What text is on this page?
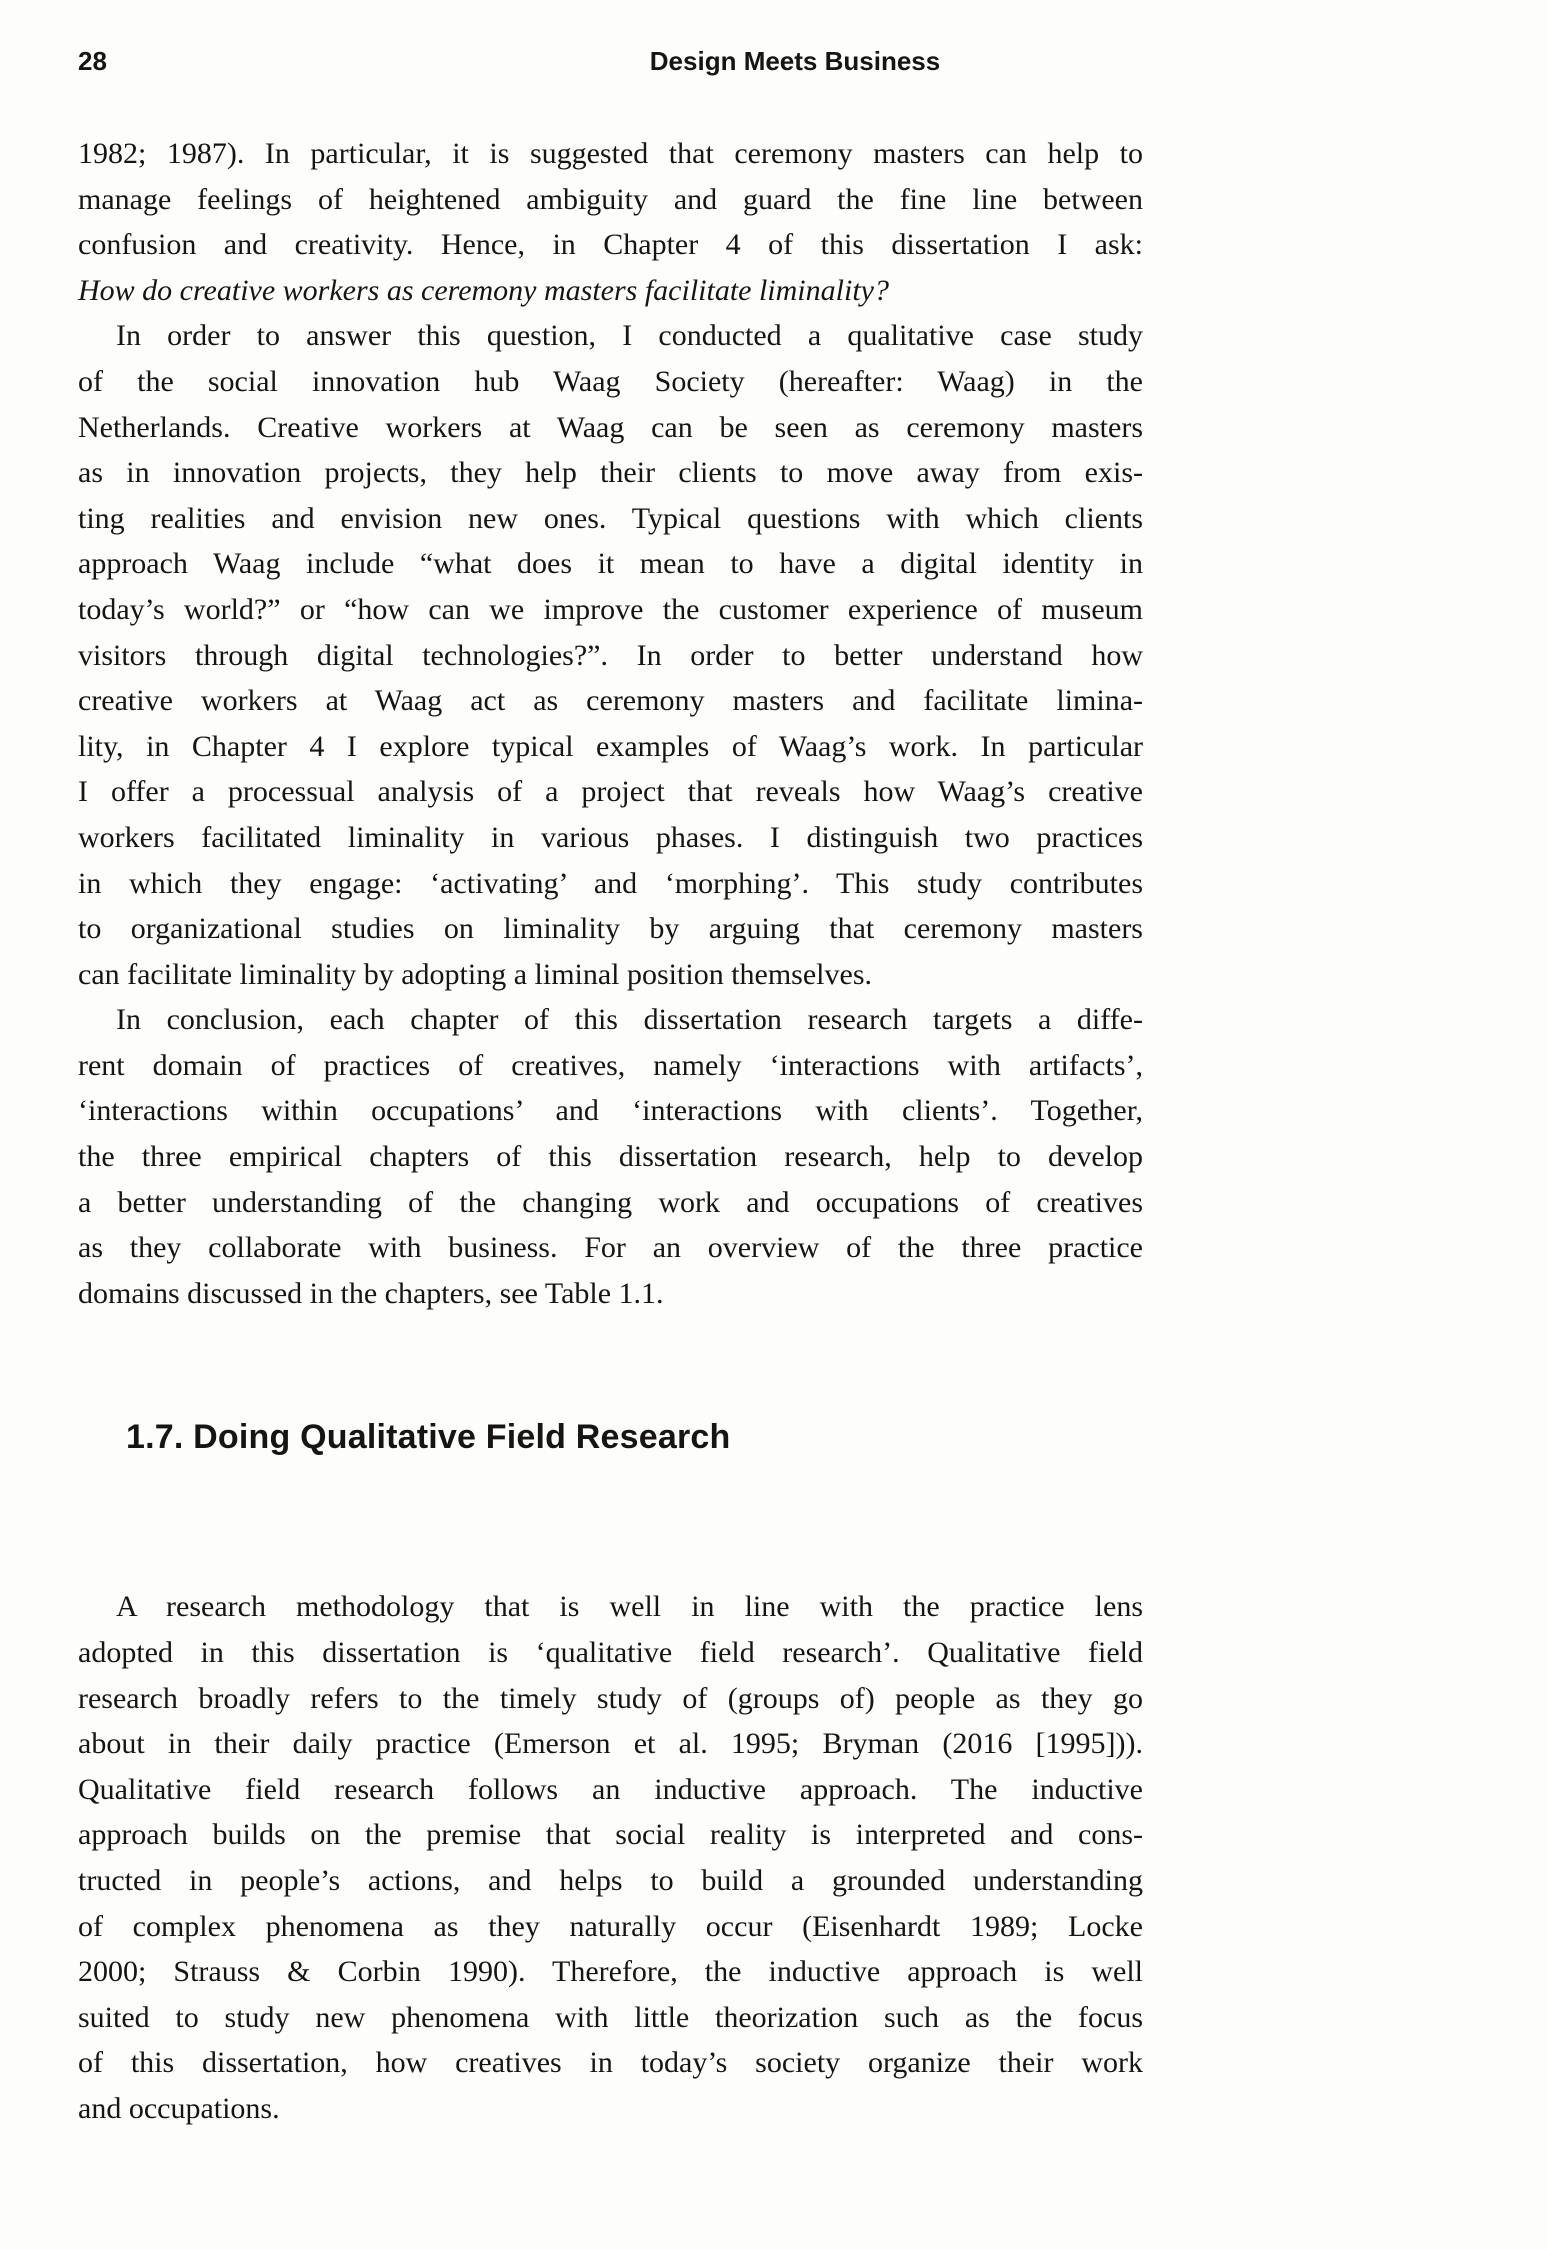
28	Design Meets Business

1982; 1987). In particular, it is suggested that ceremony masters can help to
manage feelings of heightened ambiguity and guard the fine line between
confusion and creativity. Hence, in Chapter 4 of this dissertation I ask:

How do creative workers as ceremony masters facilitate liminality?

In order to answer this question, I conducted a qualitative case study
of the social innovation hub Waag Society (hereafter: Waag) in the
Netherlands. Creative workers at Waag can be seen as ceremony masters
as in innovation projects, they help their clients to move away from exis-
ting realities and envision new ones. Typical questions with which clients
approach Waag include “what does it mean to have a digital identity in
today’s world?” or “how can we improve the customer experience of museum
visitors through digital technologies?”. In order to better understand how
creative workers at Waag act as ceremony masters and facilitate limina-
lity, in Chapter 4 I explore typical examples of Waag’s work. In particular
I offer a processual analysis of a project that reveals how Waag’s creative
workers facilitated liminality in various phases. I distinguish two practices
in which they engage: ‘activating’ and ‘morphing’. This study contributes
to organizational studies on liminality by arguing that ceremony masters
can facilitate liminality by adopting a liminal position themselves.

In conclusion, each chapter of this dissertation research targets a diffe-
rent domain of practices of creatives, namely ‘interactions with artifacts’,
‘interactions within occupations’ and ‘interactions with clients’. Together,
the three empirical chapters of this dissertation research, help to develop
a better understanding of the changing work and occupations of creatives
as they collaborate with business. For an overview of the three practice
domains discussed in the chapters, see Table 1.1.

1.7. Doing Qualitative Field Research

A research methodology that is well in line with the practice lens
adopted in this dissertation is ‘qualitative field research’. Qualitative field
research broadly refers to the timely study of (groups of) people as they go
about in their daily practice (Emerson et al. 1995; Bryman (2016 [1995])).
Qualitative field research follows an inductive approach. The inductive
approach builds on the premise that social reality is interpreted and cons-
tructed in people’s actions, and helps to build a grounded understanding
of complex phenomena as they naturally occur (Eisenhardt 1989; Locke
2000; Strauss & Corbin 1990). Therefore, the inductive approach is well
suited to study new phenomena with little theorization such as the focus
of this dissertation, how creatives in today’s society organize their work
and occupations.
